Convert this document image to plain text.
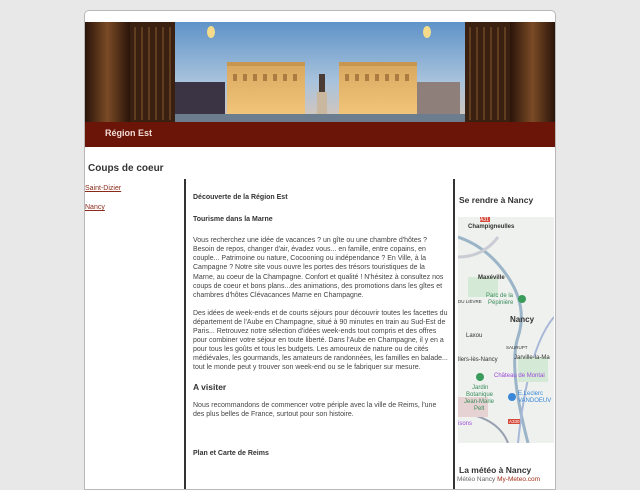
Région Est
Coups de coeur
Saint-Dizier
Nancy

Découverte de la Région Est

Tourisme dans la Marne

Vous recherchez une idée de vacances ? un gîte ou une chambre d'hôtes ? Besoin de repos, changer d'air, évadez vous... en famille, entre copains, en couple... Patrimoine ou nature, Cocooning ou indépendance ? En Ville, à la Campagne ? Notre site vous ouvre les portes des trésors touristiques de la Marne, au coeur de la Champagne. Confort et qualité ! N'hésitez à consultez nos coups de coeur et bons plans...des animations, des promotions dans les gîtes et chambres d'hôtes Clévacances Marne en Champagne.

Des idées de week-ends et de courts séjours pour découvrir toutes les facettes du département de l'Aube en Champagne, situé à 90 minutes en train au Sud-Est de Paris... Retrouvez notre sélection d'idées week-ends tout compris et des offres pour combiner votre séjour en toute liberté. Dans l'Aube en Champagne, il y en a pour tous les goûts et tous les budgets. Les amoureux de nature ou de cités médiévales, les gourmands, les amateurs de randonnées, les familles en balade... tout le monde peut y trouver son week-end ou se le fabriquer sur mesure.

A visiter

Nous recommandons de commencer votre périple avec la ville de Reims, l'une des plus belles de France, surtout pour son histoire.

Plan et Carte de Reims

Se rendre à Nancy
A31
Champigneulles
Maxéville
DU LIÈVRE
Parc de la
Pépinière
Nancy
Laxou
SAURUPT
llers-lès-Nancy	Jarville-la-Ma
Château de Montai
Jardin
Botanique
Jean-Marie
Pelt
E.Leclerc
VANDOEUV
isons	A330
La météo à Nancy
Météo Nancy My-Meteo.com
